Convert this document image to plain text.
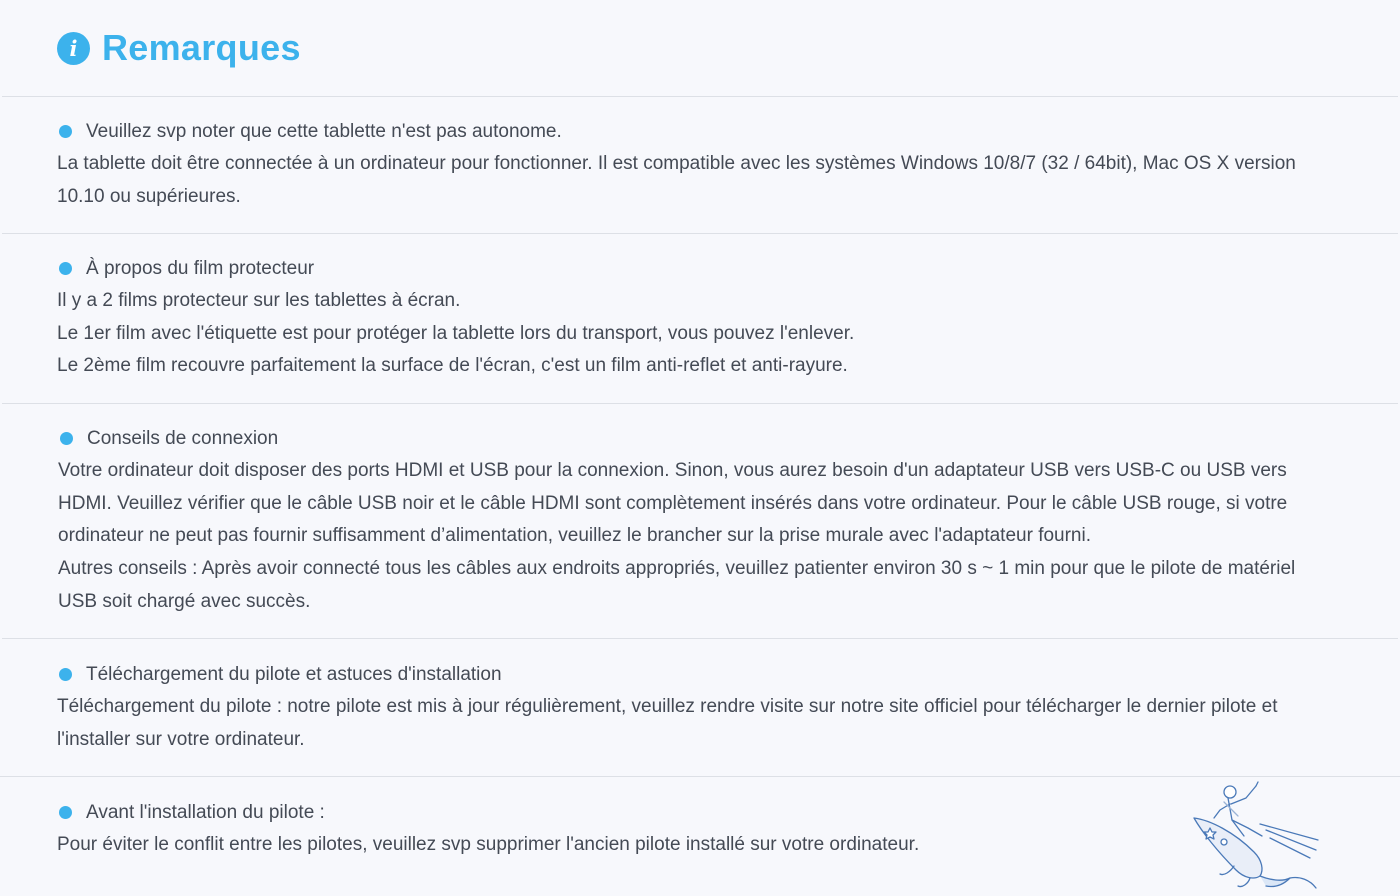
i Remarques
Veuillez svp noter que cette tablette n'est pas autonome.

La tablette doit être connectée à un ordinateur pour fonctionner. Il est compatible avec les systèmes Windows 10/8/7 (32 / 64bit), Mac OS X version 10.10 ou supérieures.

À propos du film protecteur

Il y a 2 films protecteur sur les tablettes à écran.

Le 1er film avec l'étiquette est pour protéger la tablette lors du transport, vous pouvez l'enlever.

Le 2ème film recouvre parfaitement la surface de l'écran, c'est un film anti-reflet et anti-rayure.

Conseils de connexion

Votre ordinateur doit disposer des ports HDMI et USB pour la connexion. Sinon, vous aurez besoin d'un adaptateur USB vers USB-C ou USB vers HDMI. Veuillez vérifier que le câble USB noir et le câble HDMI sont complètement insérés dans votre ordinateur. Pour le câble USB rouge, si votre ordinateur ne peut pas fournir suffisamment d’alimentation, veuillez le brancher sur la prise murale avec l'adaptateur fourni.

Autres conseils : Après avoir connecté tous les câbles aux endroits appropriés, veuillez patienter environ 30 s ~ 1 min pour que le pilote de matériel USB soit chargé avec succès.

Téléchargement du pilote et astuces d'installation

Téléchargement du pilote : notre pilote est mis à jour régulièrement, veuillez rendre visite sur notre site officiel pour télécharger le dernier pilote et l'installer sur votre ordinateur.

Avant l'installation du pilote :

Pour éviter le conflit entre les pilotes, veuillez svp supprimer l'ancien pilote installé sur votre ordinateur.
